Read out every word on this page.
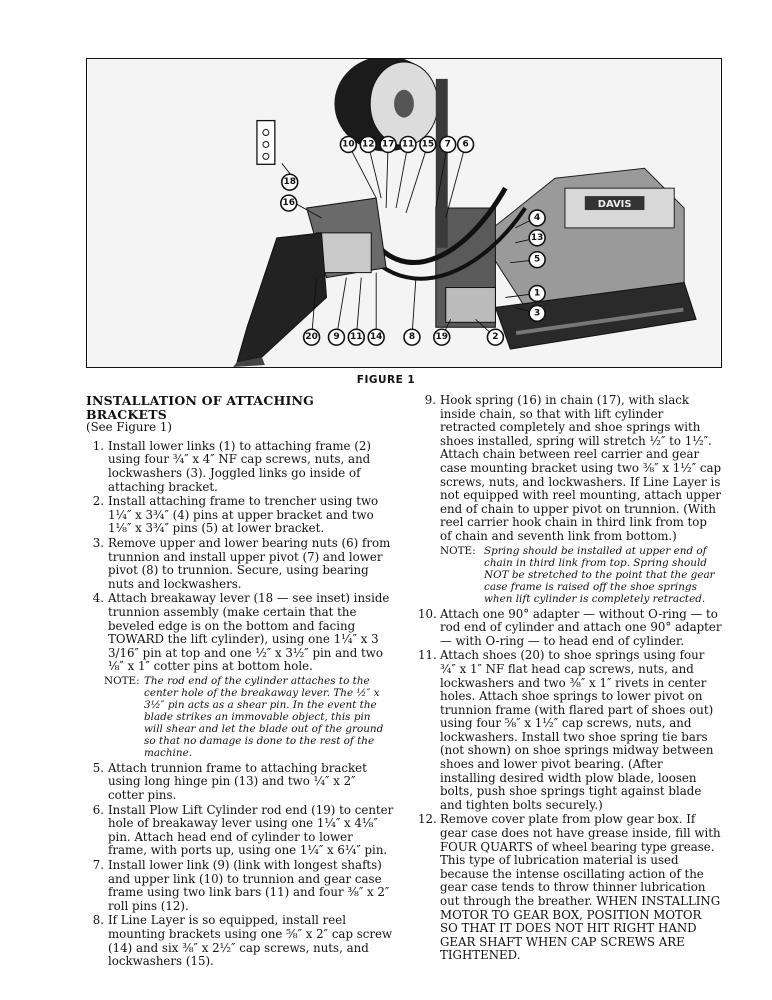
DAVIS
10 12 17 11 15 7 6
18
16
4
13
5
1
3
2
20 9 11 14	8 19
FIGURE 1
INSTALLATION OF ATTACHING BRACKETS
(See Figure 1)
1. Install lower links (1) to attaching frame (2) using four ¾″ x 4″ NF cap screws, nuts, and lockwashers (3). Joggled links go inside of attaching bracket.
2. Install attaching frame to trencher using two 1¼″ x 3¾″ (4) pins at upper bracket and two 1⅛″ x 3¾″ pins (5) at lower bracket.
3. Remove upper and lower bearing nuts (6) from trunnion and install upper pivot (7) and lower pivot (8) to trunnion. Secure, using bearing nuts and lockwashers.
4. Attach breakaway lever (18 — see inset) inside trunnion assembly (make certain that the beveled edge is on the bottom and facing TOWARD the lift cylinder), using one 1¼″ x 3 3/16″ pin at top and one ½″ x 3½″ pin and two ⅛″ x 1″ cotter pins at bottom hole.
NOTE: The rod end of the cylinder attaches to the center hole of the breakaway lever. The ½″ x 3½″ pin acts as a shear pin. In the event the blade strikes an immovable object, this pin will shear and let the blade out of the ground so that no damage is done to the rest of the machine.
5. Attach trunnion frame to attaching bracket using long hinge pin (13) and two ¼″ x 2″ cotter pins.
6. Install Plow Lift Cylinder rod end (19) to center hole of breakaway lever using one 1¼″ x 4⅛″ pin. Attach head end of cylinder to lower frame, with ports up, using one 1¼″ x 6¼″ pin.
7. Install lower link (9) (link with longest shafts) and upper link (10) to trunnion and gear case frame using two link bars (11) and four ⅜″ x 2″ roll pins (12).
8. If Line Layer is so equipped, install reel mounting brackets using one ⅝″ x 2″ cap screw (14) and six ⅜″ x 2½″ cap screws, nuts, and lockwashers (15).
9. Hook spring (16) in chain (17), with slack inside chain, so that with lift cylinder retracted completely and shoe springs with shoes installed, spring will stretch ½″ to 1½″. Attach chain between reel carrier and gear case mounting bracket using two ⅜″ x 1½″ cap screws, nuts, and lockwashers. If Line Layer is not equipped with reel mounting, attach upper end of chain to upper pivot on trunnion. (With reel carrier hook chain in third link from top of chain and seventh link from bottom.)
NOTE: Spring should be installed at upper end of chain in third link from top. Spring should NOT be stretched to the point that the gear case frame is raised off the shoe springs when lift cylinder is completely retracted.
10. Attach one 90° adapter — without O-ring — to rod end of cylinder and attach one 90° adapter — with O-ring — to head end of cylinder.
11. Attach shoes (20) to shoe springs using four ¾″ x 1″ NF flat head cap screws, nuts, and lockwashers and two ⅜″ x 1″ rivets in center holes. Attach shoe springs to lower pivot on trunnion frame (with flared part of shoes out) using four ⅝″ x 1½″ cap screws, nuts, and lockwashers. Install two shoe spring tie bars (not shown) on shoe springs midway between shoes and lower pivot bearing. (After installing desired width plow blade, loosen bolts, push shoe springs tight against blade and tighten bolts securely.)
12. Remove cover plate from plow gear box. If gear case does not have grease inside, fill with FOUR QUARTS of wheel bearing type grease. This type of lubrication material is used because the intense oscillating action of the gear case tends to throw thinner lubrication out through the breather. WHEN INSTALLING MOTOR TO GEAR BOX, POSITION MOTOR SO THAT IT DOES NOT HIT RIGHT HAND GEAR SHAFT WHEN CAP SCREWS ARE TIGHTENED.
